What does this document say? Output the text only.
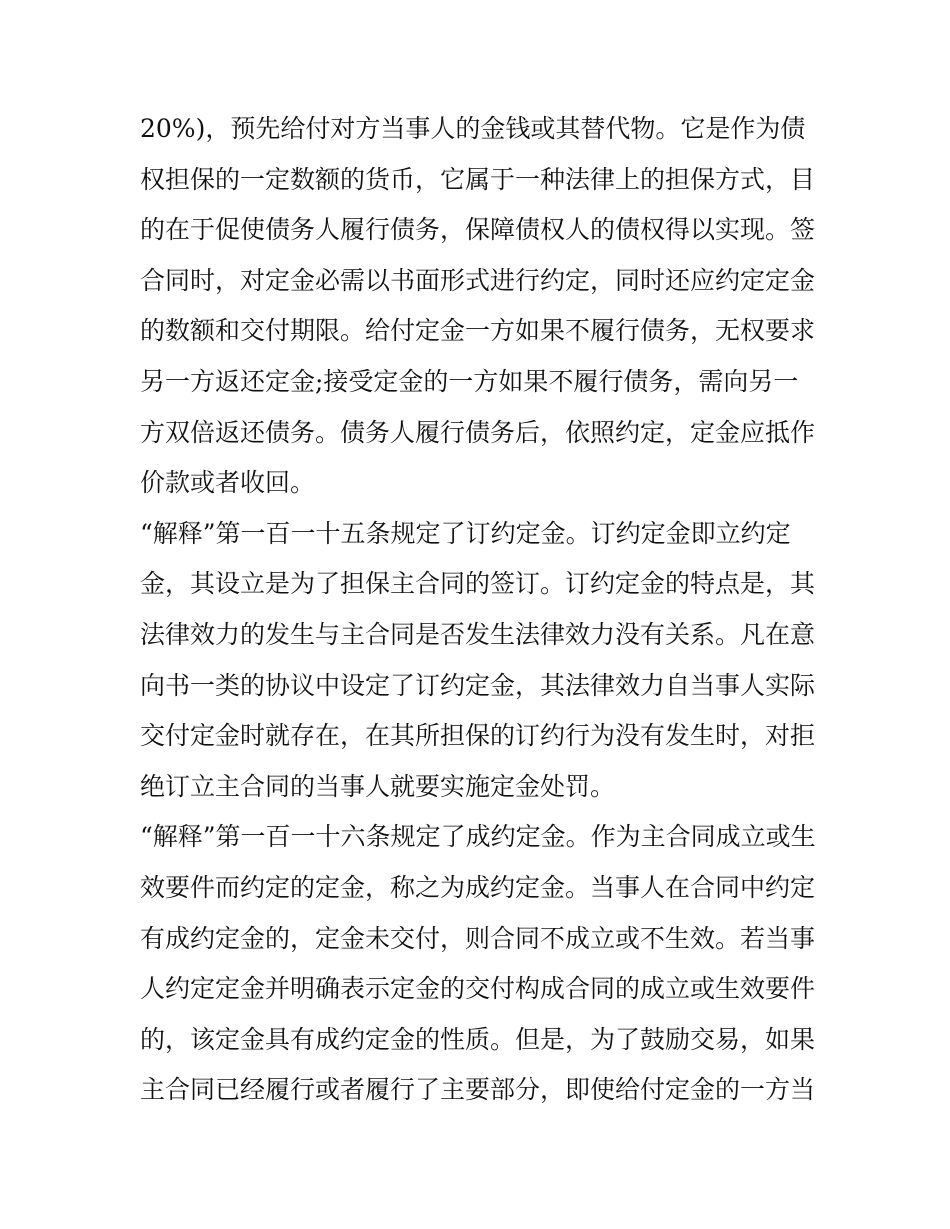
20%)，预先给付对方当事人的金钱或其替代物。它是作为债
权担保的一定数额的货币，它属于一种法律上的担保方式，目
的在于促使债务人履行债务，保障债权人的债权得以实现。签
合同时，对定金必需以书面形式进行约定，同时还应约定定金
的数额和交付期限。给付定金一方如果不履行债务，无权要求
另一方返还定金;接受定金的一方如果不履行债务，需向另一
方双倍返还债务。债务人履行债务后，依照约定，定金应抵作
价款或者收回。
“解释”第一百一十五条规定了订约定金。订约定金即立约定
金，其设立是为了担保主合同的签订。订约定金的特点是，其
法律效力的发生与主合同是否发生法律效力没有关系。凡在意
向书一类的协议中设定了订约定金，其法律效力自当事人实际
交付定金时就存在，在其所担保的订约行为没有发生时，对拒
绝订立主合同的当事人就要实施定金处罚。
“解释”第一百一十六条规定了成约定金。作为主合同成立或生
效要件而约定的定金，称之为成约定金。当事人在合同中约定
有成约定金的，定金未交付，则合同不成立或不生效。若当事
人约定定金并明确表示定金的交付构成合同的成立或生效要件
的，该定金具有成约定金的性质。但是，为了鼓励交易，如果
主合同已经履行或者履行了主要部分，即使给付定金的一方当
